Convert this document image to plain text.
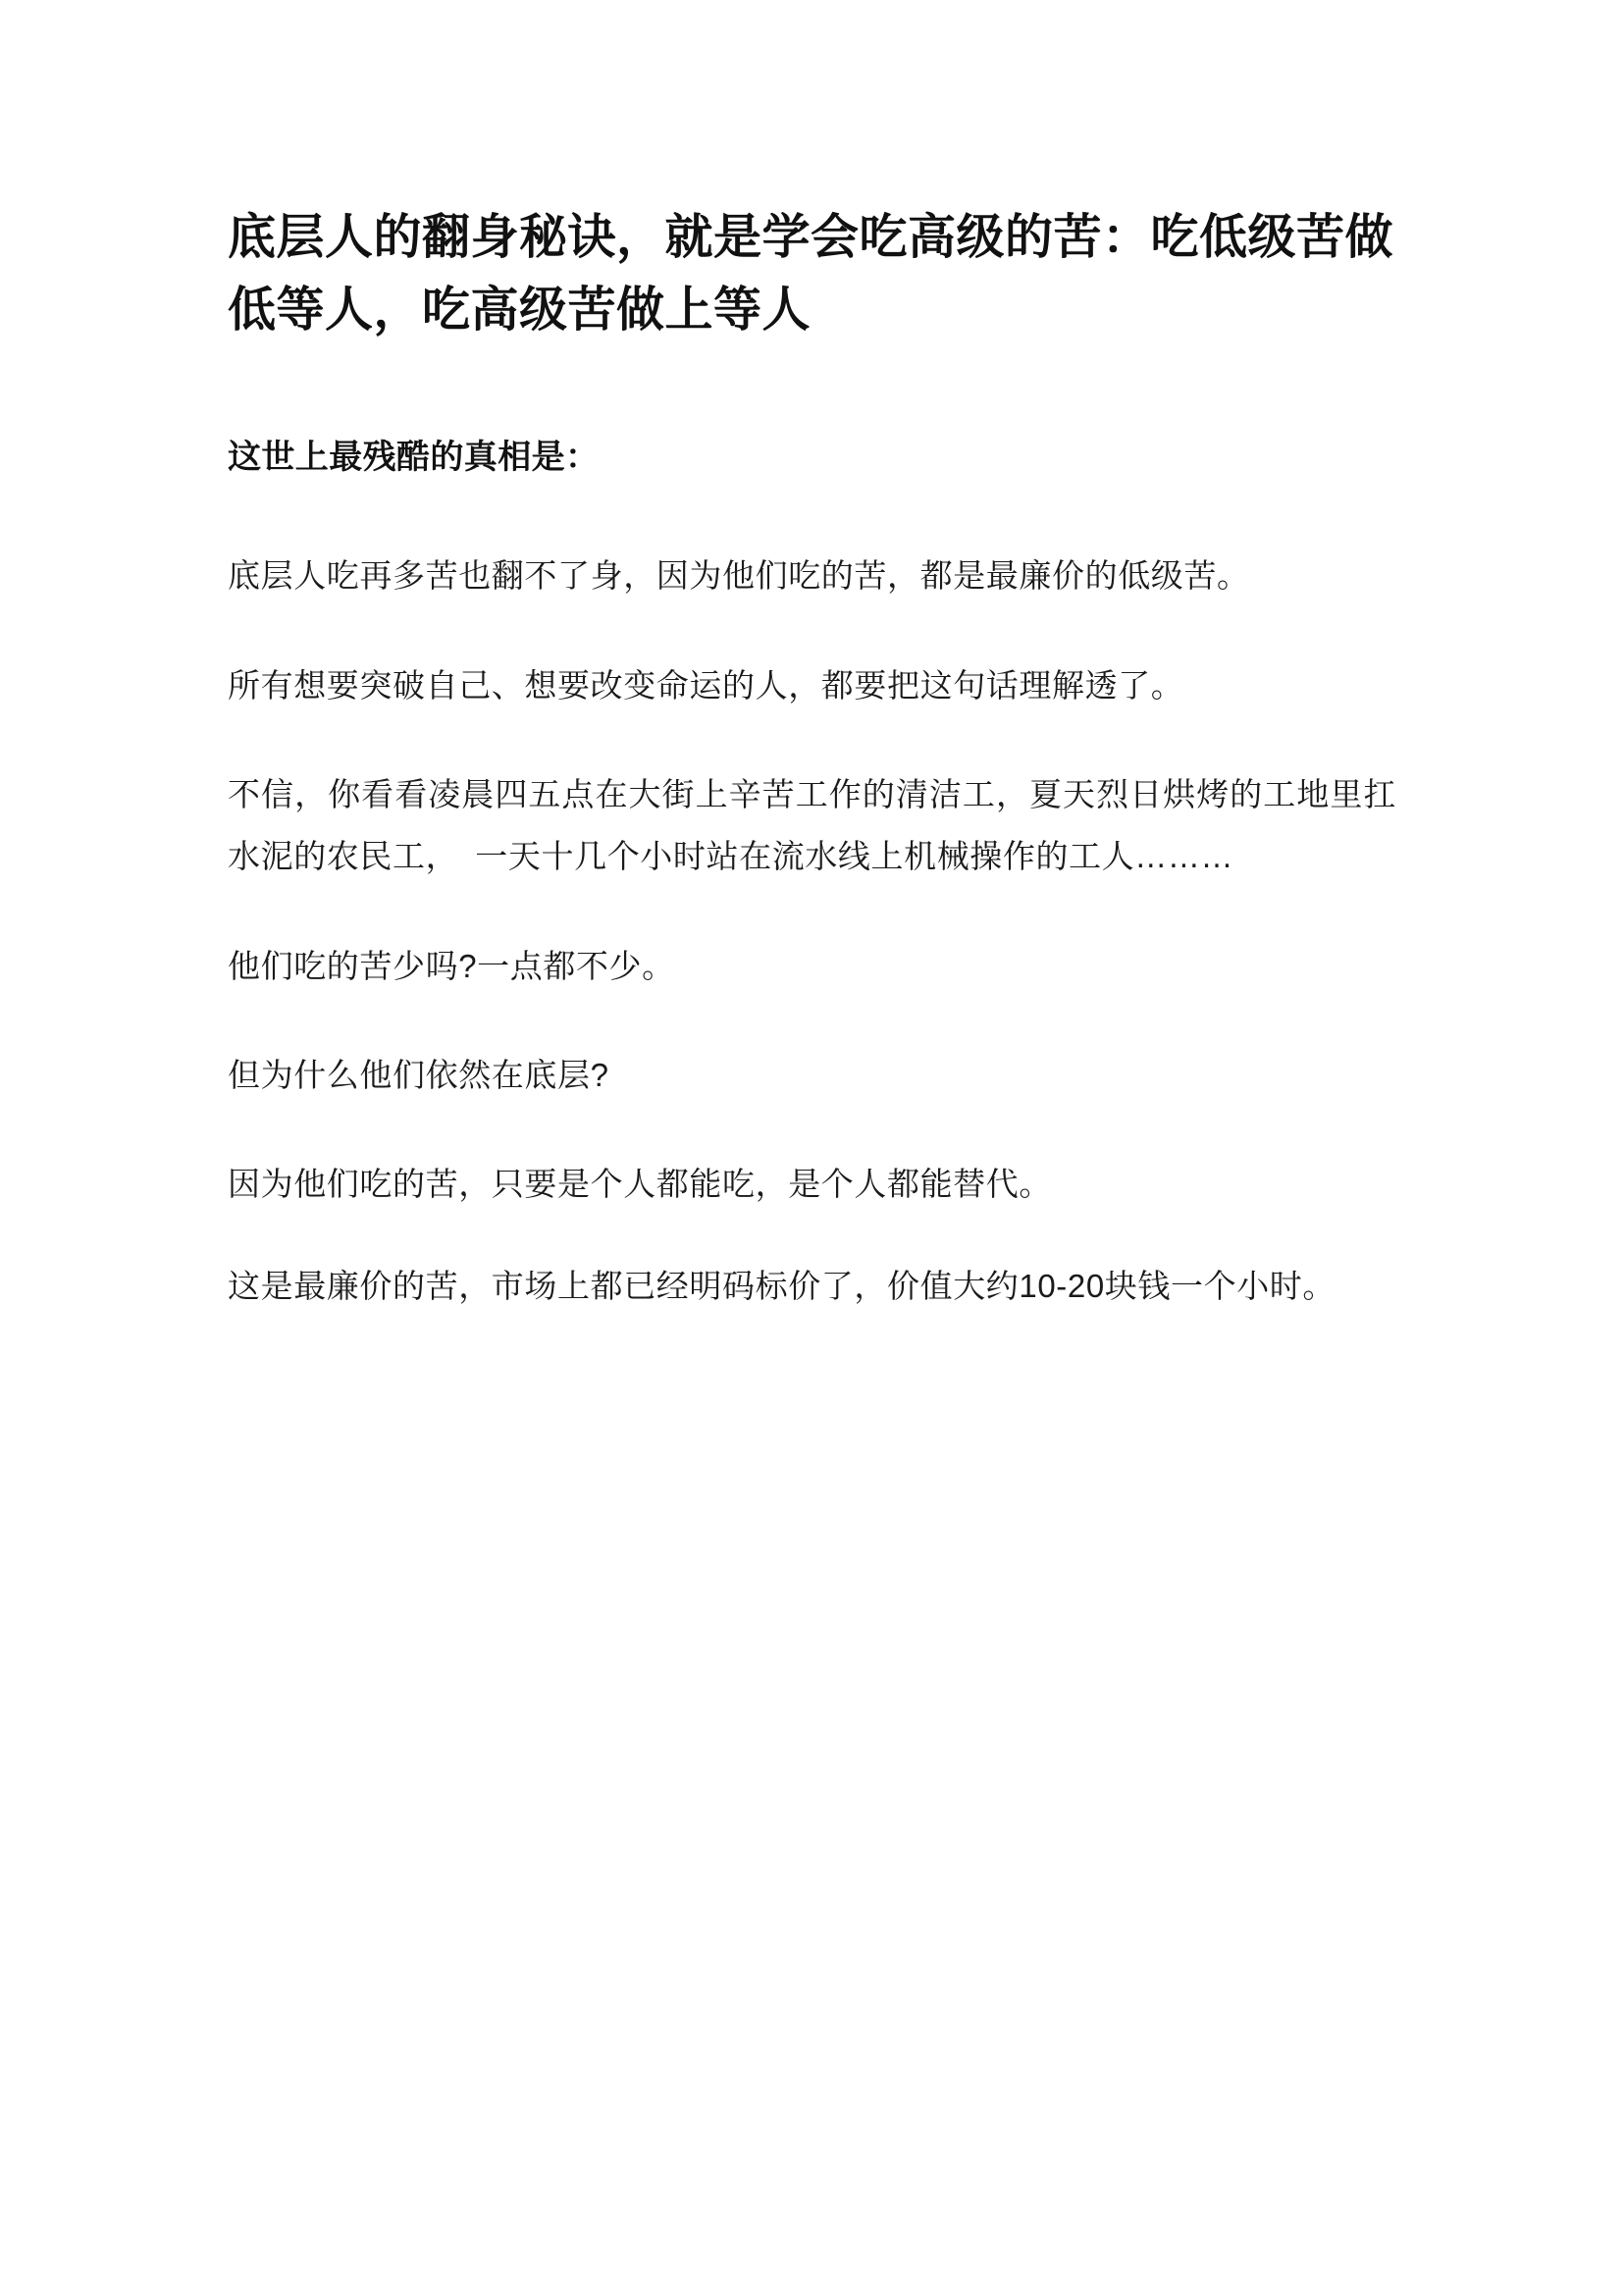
底层人的翻身秘诀，就是学会吃高级的苦：吃低级苦做低等人，吃高级苦做上等人
这世上最残酷的真相是：

底层人吃再多苦也翻不了身，因为他们吃的苦，都是最廉价的低级苦。

所有想要突破自己、想要改变命运的人，都要把这句话理解透了。

不信，你看看凌晨四五点在大街上辛苦工作的清洁工，夏天烈日烘烤的工地里扛水泥的农民工，　一天十几个小时站在流水线上机械操作的工人………

他们吃的苦少吗?一点都不少。

但为什么他们依然在底层?

因为他们吃的苦，只要是个人都能吃，是个人都能替代。

这是最廉价的苦，市场上都已经明码标价了，价值大约10-20块钱一个小时。
